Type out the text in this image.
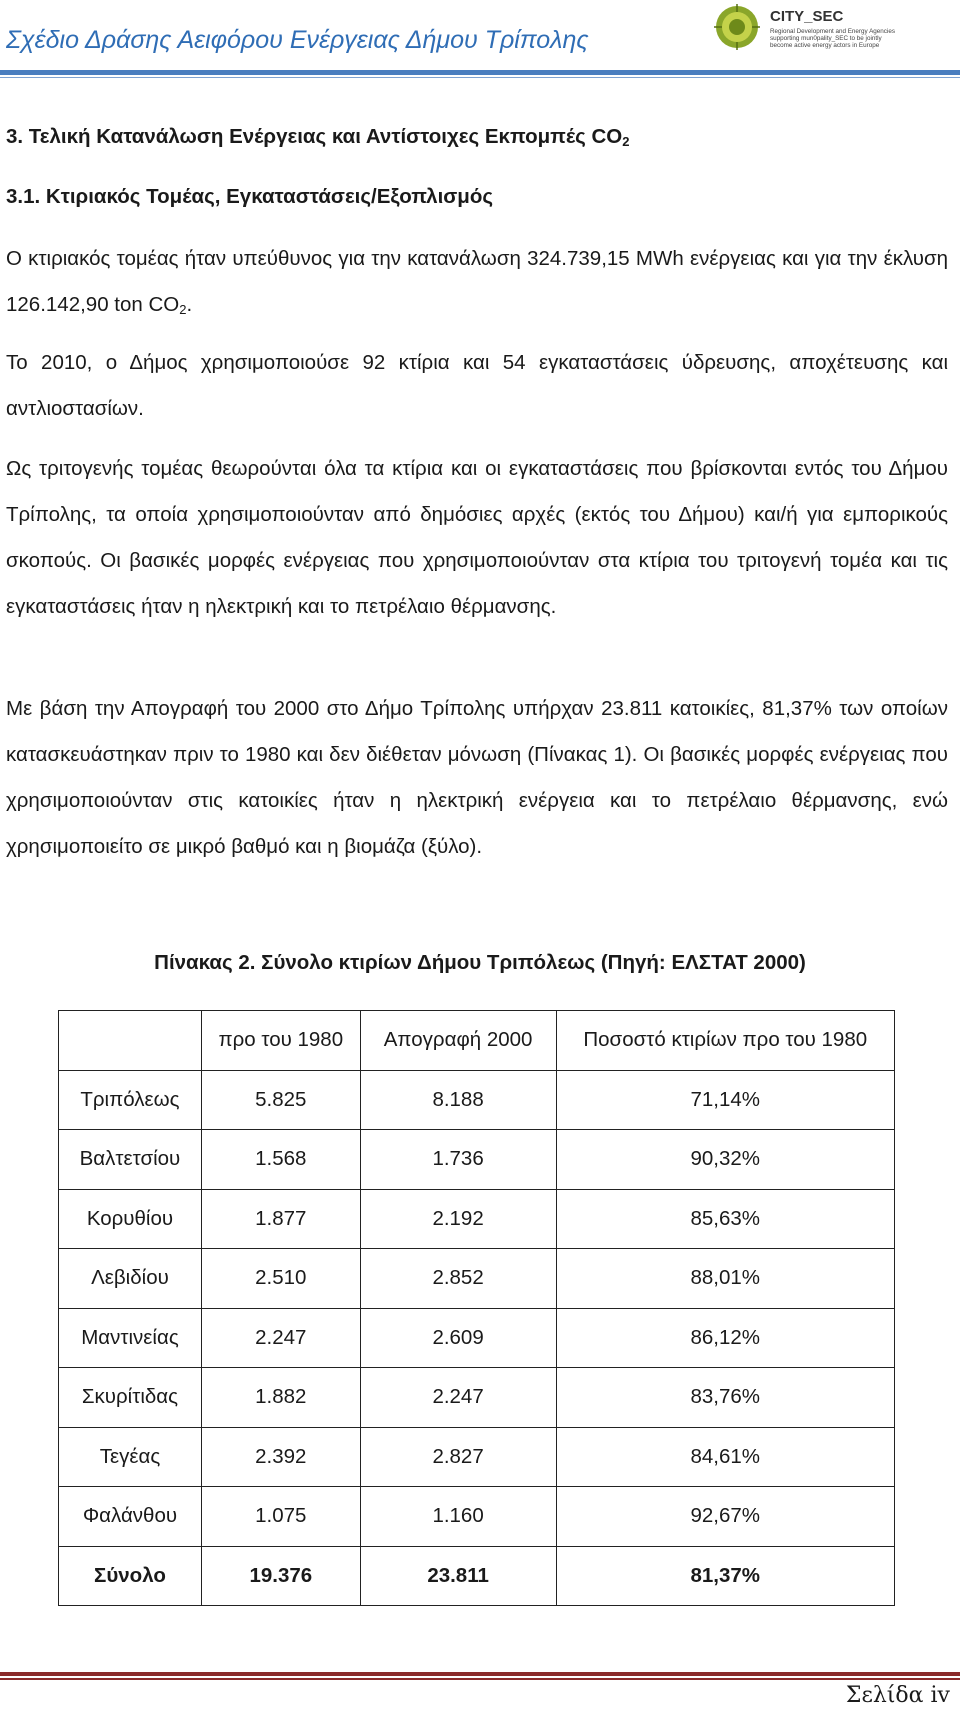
Σχέδιο Δράσης Αειφόρου Ενέργειας Δήμου Τρίπολης
CITY_SEC
Regional Development and Energy Agencies
supporting mun0pality_SEC to be jointly
become active energy actors in Europe
3. Τελική Κατανάλωση Ενέργειας και Αντίστοιχες Εκπομπές $CO_2$
3.1. Κτιριακός Τομέας, Εγκαταστάσεις/Εξοπλισμός
Ο κτιριακός τομέας ήταν υπεύθυνος για την κατανάλωση 324.739,15 MWh ενέργειας και για την έκλυση 126.142,90 ton $CO_2$.
Το 2010, ο Δήμος χρησιμοποιούσε 92 κτίρια και 54 εγκαταστάσεις ύδρευσης, αποχέτευσης και αντλιοστασίων.
Ως τριτογενής τομέας θεωρούνται όλα τα κτίρια και οι εγκαταστάσεις που βρίσκονται εντός του Δήμου Τρίπολης, τα οποία χρησιμοποιούνταν από δημόσιες αρχές (εκτός του Δήμου) και/ή για εμπορικούς σκοπούς. Οι βασικές μορφές ενέργειας που χρησιμοποιούνταν στα κτίρια του τριτογενή τομέα και τις εγκαταστάσεις ήταν η ηλεκτρική και το πετρέλαιο θέρμανσης.
Με βάση την Απογραφή του 2000 στο Δήμο Τρίπολης υπήρχαν 23.811 κατοικίες, 81,37% των οποίων κατασκευάστηκαν πριν το 1980 και δεν διέθεταν μόνωση (Πίνακας 1). Οι βασικές μορφές ενέργειας που χρησιμοποιούνταν στις κατοικίες ήταν η ηλεκτρική ενέργεια και το πετρέλαιο θέρμανσης, ενώ χρησιμοποιείτο σε μικρό βαθμό και η βιομάζα (ξύλο).
Πίνακας 2. Σύνολο κτιρίων Δήμου Τριπόλεως (Πηγή: ΕΛΣΤΑΤ 2000)
	προ του 1980	Απογραφή 2000	Ποσοστό κτιρίων προ του 1980
Τριπόλεως	5.825	8.188	71,14%
Βαλτετσίου	1.568	1.736	90,32%
Κορυθίου	1.877	2.192	85,63%
Λεβιδίου	2.510	2.852	88,01%
Μαντινείας	2.247	2.609	86,12%
Σκυρίτιδας	1.882	2.247	83,76%
Τεγέας	2.392	2.827	84,61%
Φαλάνθου	1.075	1.160	92,67%
Σύνολο	19.376	23.811	81,37%
Σελίδα iv
